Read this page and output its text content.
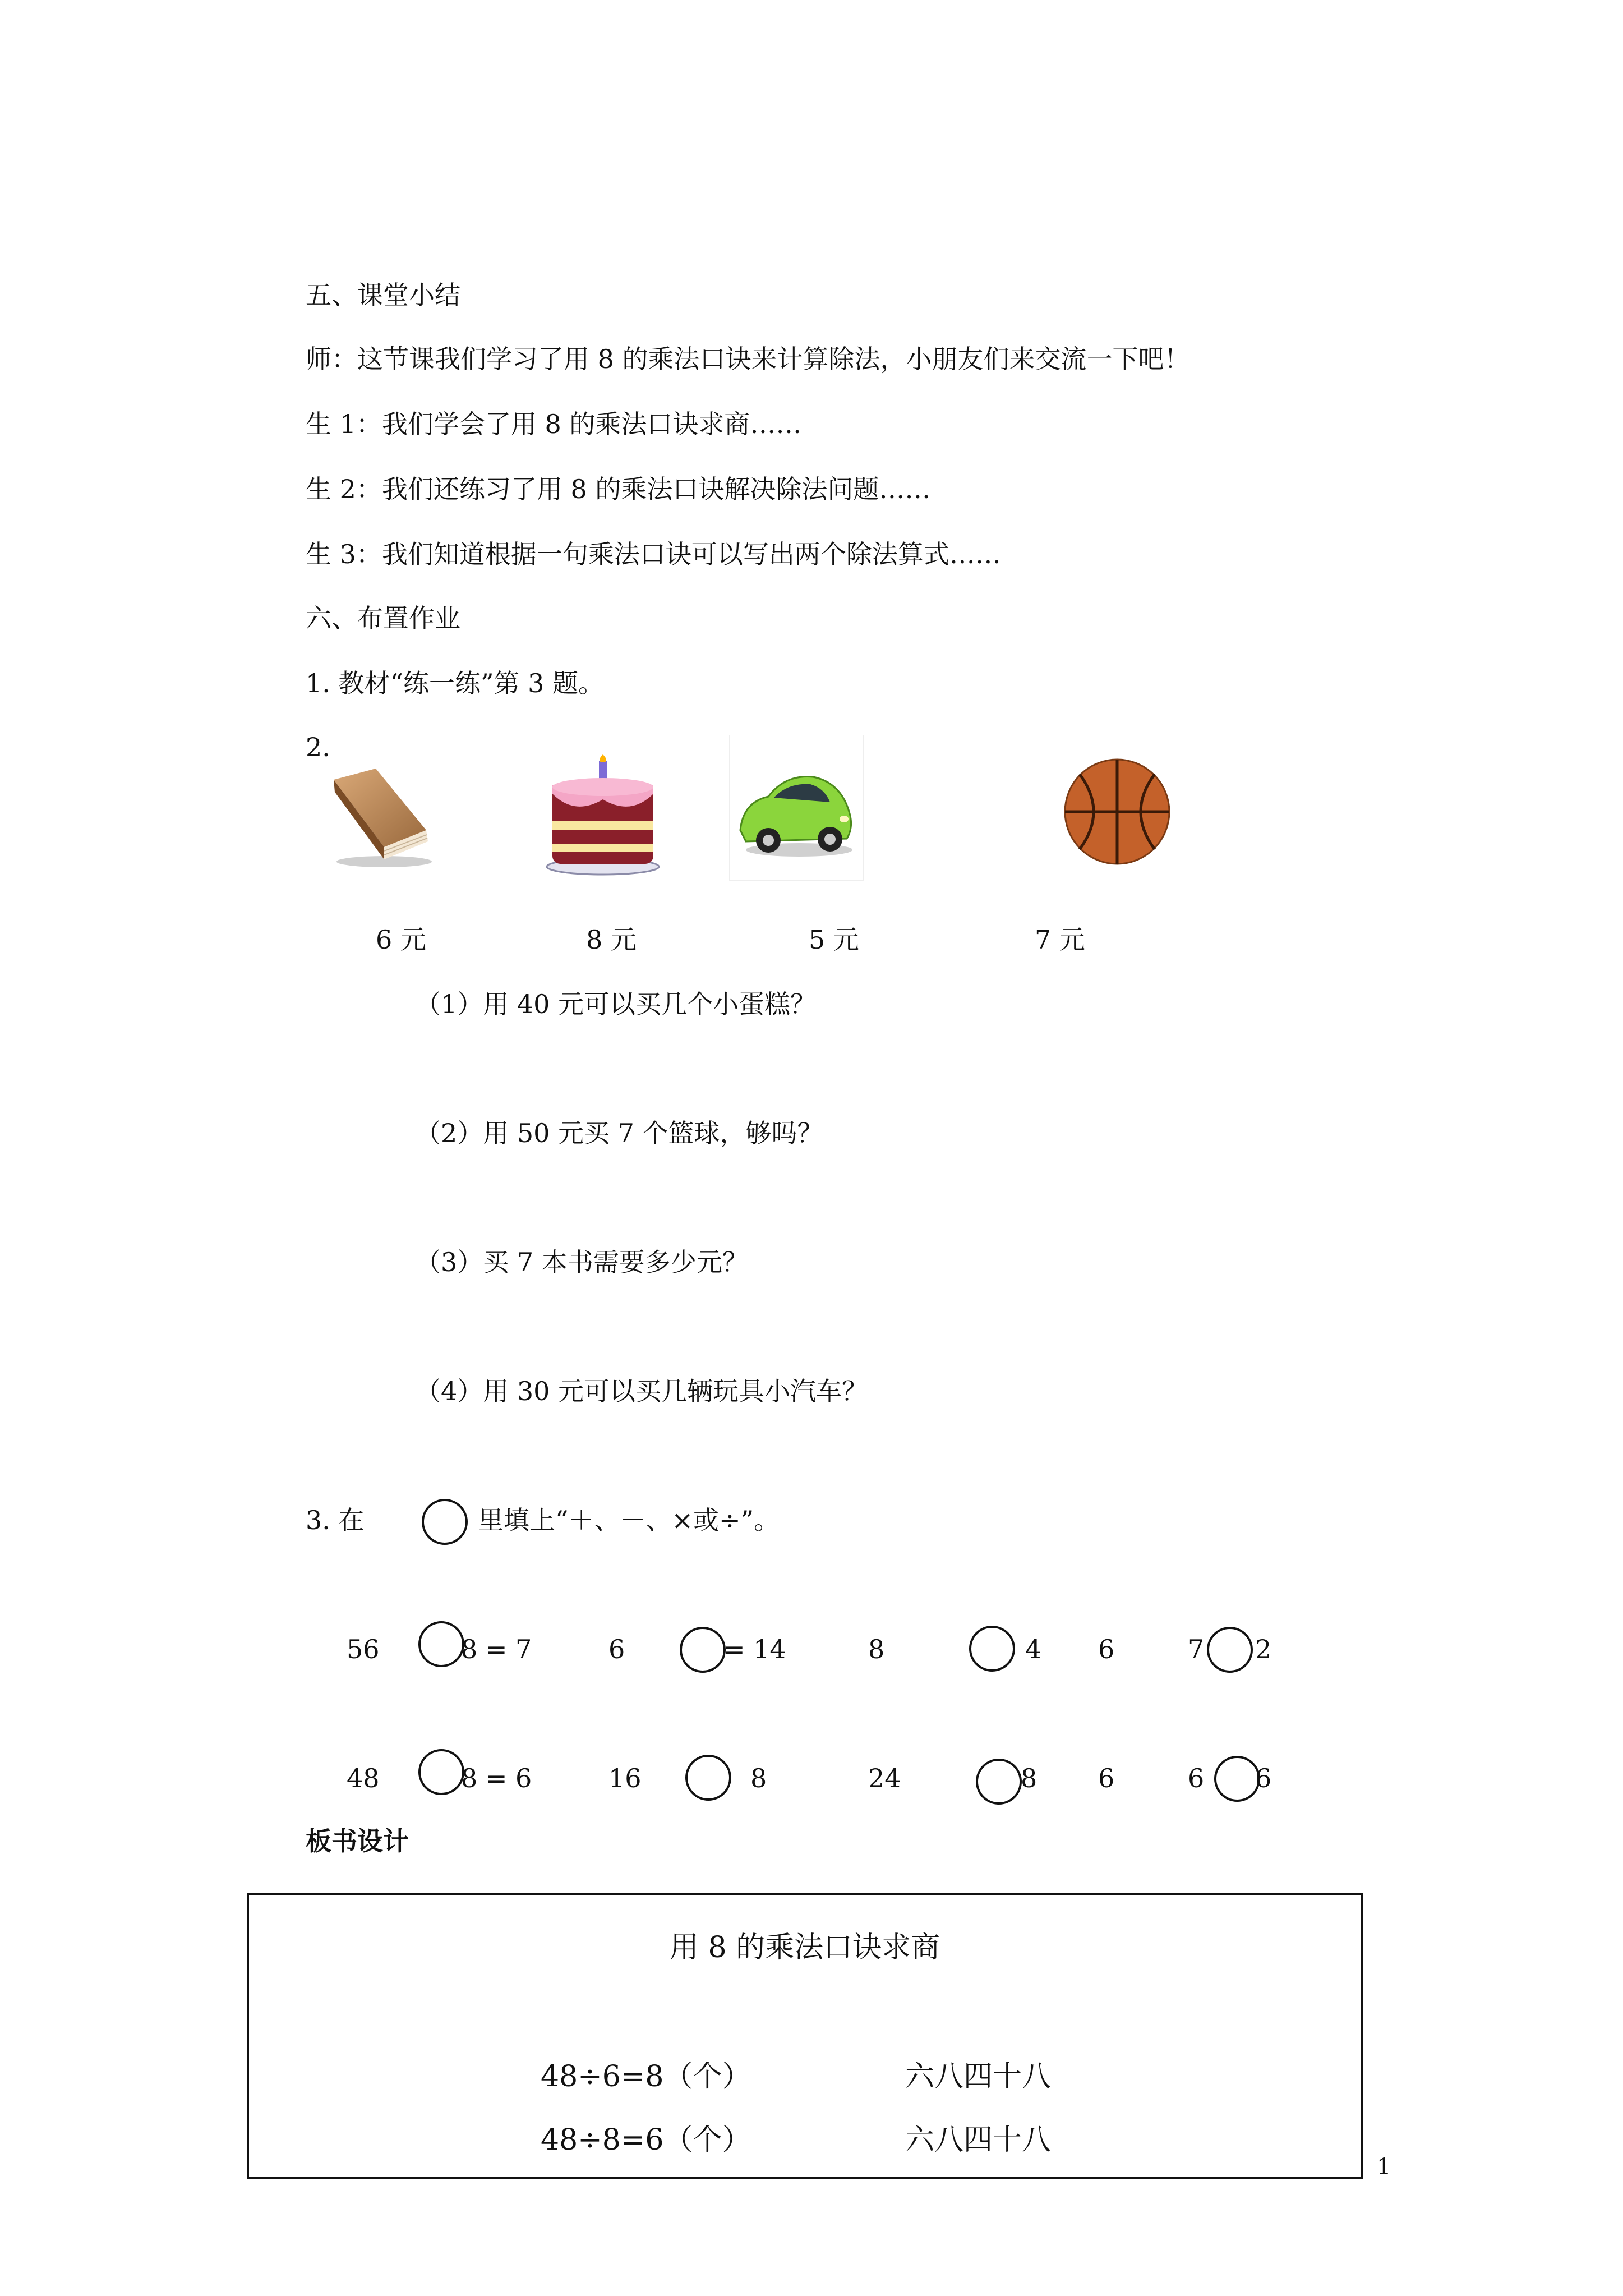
五、课堂小结
师：这节课我们学习了用 8 的乘法口诀来计算除法，小朋友们来交流一下吧！
生 1：我们学会了用 8 的乘法口诀求商……
生 2：我们还练习了用 8 的乘法口诀解决除法问题……
生 3：我们知道根据一句乘法口诀可以写出两个除法算式……
六、布置作业
1. 教材“练一练”第 3 题。
2.
6 元	8 元	5 元	7 元
（1）用 40 元可以买几个小蛋糕？
（2）用 50 元买 7 个篮球，够吗？
（3）买 7 本书需要多少元？
（4）用 30 元可以买几辆玩具小汽车？
3. 在	里填上“＋、－、×或÷”。
56	8 = 7	6	= 14	8	4 6	7 2
48	8 = 6	16	8	24	8 6	6 6
板书设计
用 8 的乘法口诀求商
48÷6=8（个）	六八四十八
48÷8=6（个）	六八四十八
1
